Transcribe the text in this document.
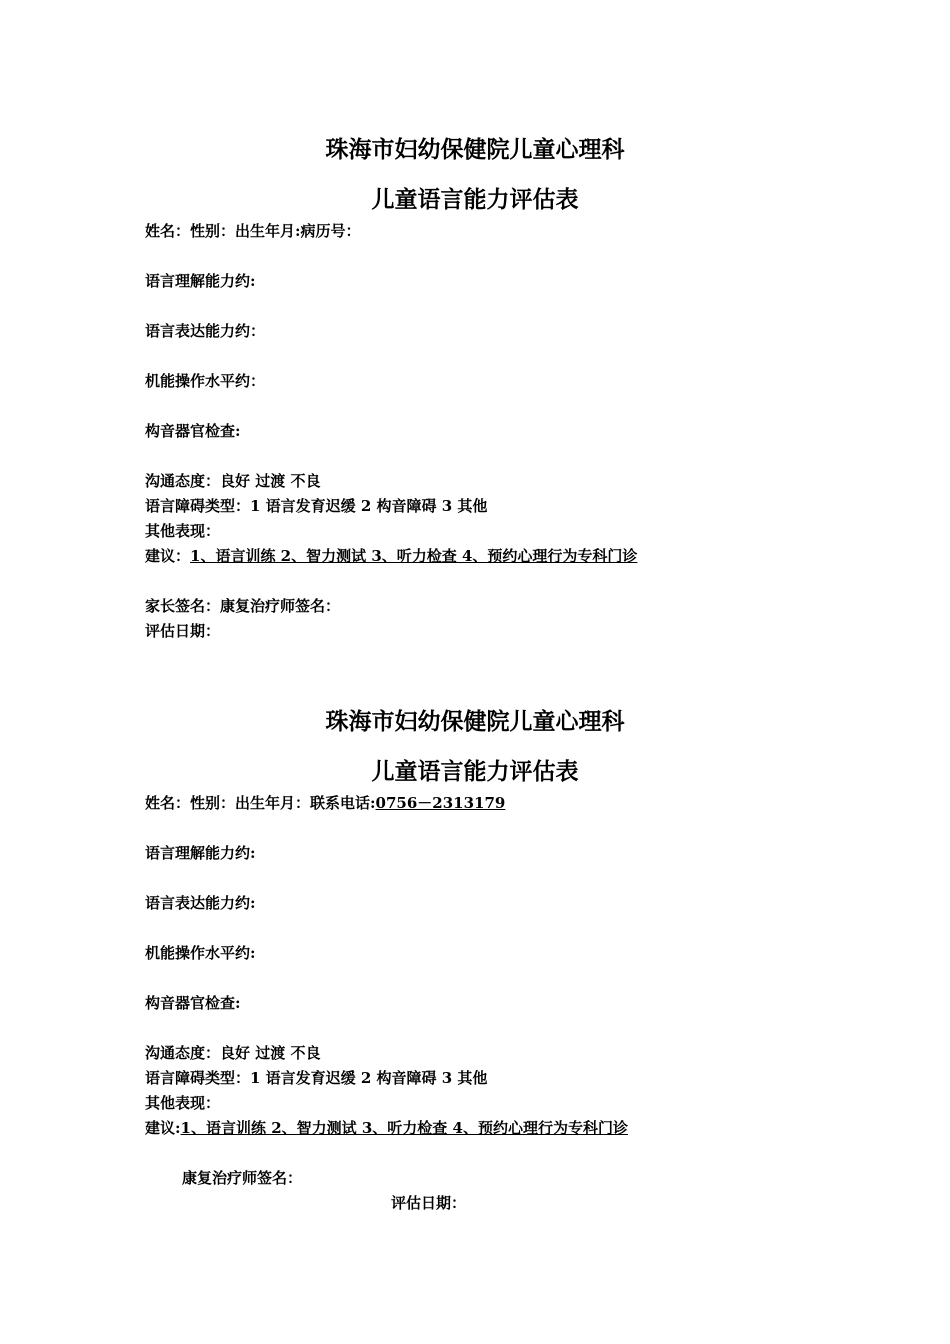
珠海市妇幼保健院儿童心理科
儿童语言能力评估表
姓名：性别：出生年月:病历号：
语言理解能力约:
语言表达能力约：
机能操作水平约：
构音器官检查:
沟通态度：良好 过渡 不良
语言障碍类型：1 语言发育迟缓 2 构音障碍 3 其他
其他表现：
建议：1、语言训练 2、智力测试 3、听力检查 4、预约心理行为专科门诊
家长签名：康复治疗师签名：
评估日期：
珠海市妇幼保健院儿童心理科
儿童语言能力评估表
姓名：性别：出生年月：联系电话:0756－2313179
语言理解能力约:
语言表达能力约:
机能操作水平约:
构音器官检查:
沟通态度：良好 过渡 不良
语言障碍类型：1 语言发育迟缓 2 构音障碍 3 其他
其他表现：
建议:1、语言训练 2、智力测试 3、听力检查 4、预约心理行为专科门诊
康复治疗师签名：
评估日期：
